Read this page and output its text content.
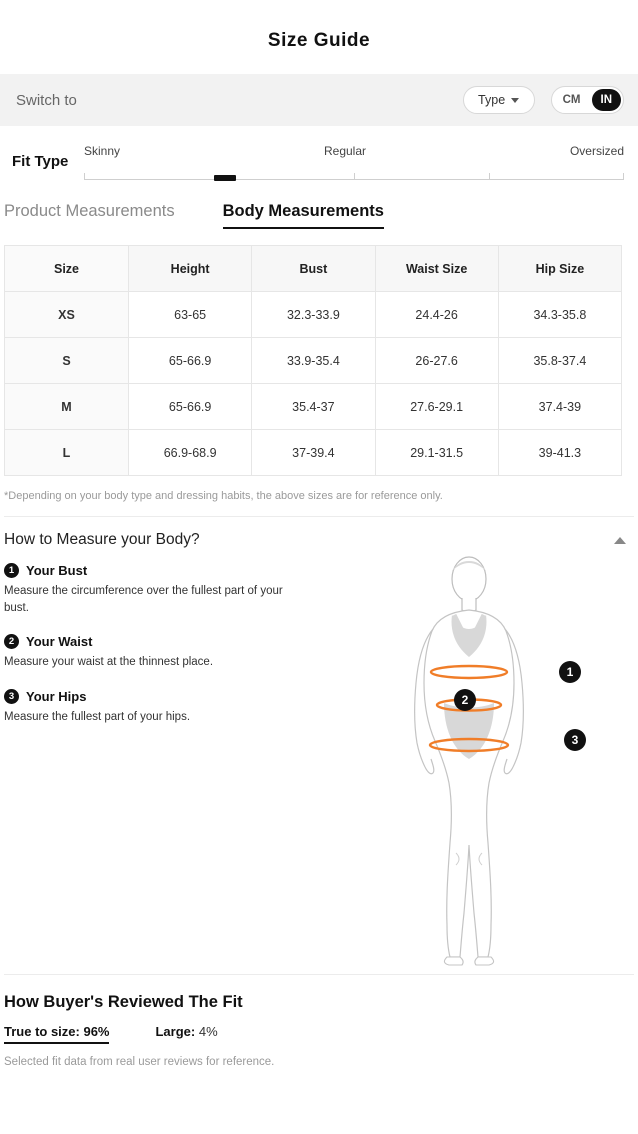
Size Guide
Switch to	Type	CM	IN
Fit Type
Skinny	Regular	Oversized
Product Measurements	Body Measurements
Size	Height	Bust	Waist Size	Hip Size
XS	63-65	32.3-33.9	24.4-26	34.3-35.8
S	65-66.9	33.9-35.4	26-27.6	35.8-37.4
M	65-66.9	35.4-37	27.6-29.1	37.4-39
L	66.9-68.9	37-39.4	29.1-31.5	39-41.3
*Depending on your body type and dressing habits, the above sizes are for reference only.
How to Measure your Body?
1 Your Bust
Measure the circumference over the fullest part of your bust.
2 Your Waist
Measure your waist at the thinnest place.
3 Your Hips
Measure the fullest part of your hips.
1
2
3
How Buyer's Reviewed The Fit
True to size: 96%	Large: 4%
Selected fit data from real user reviews for reference.
